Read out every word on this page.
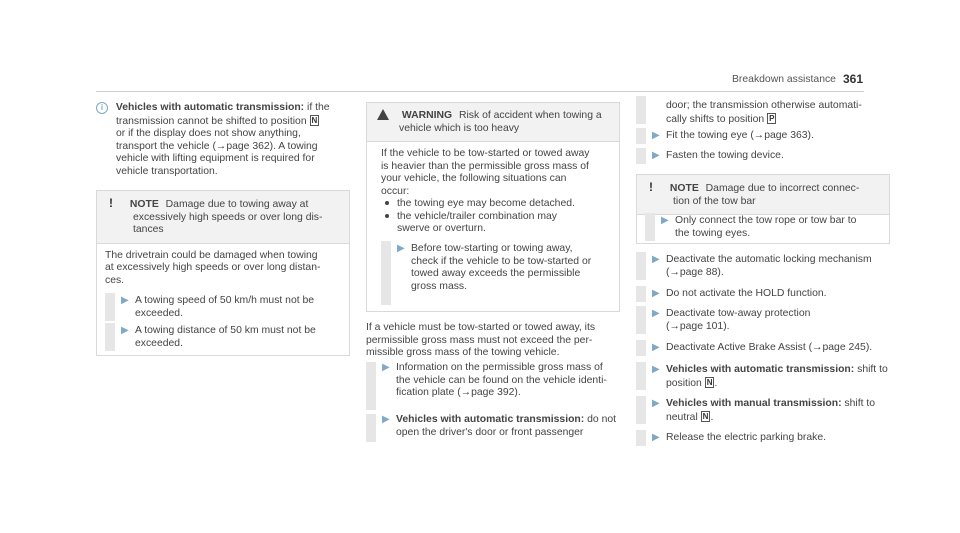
Breakdown assistance 361
i Vehicles with automatic transmission: if the
transmission cannot be shifted to position N
or if the display does not show anything,
transport the vehicle (→page 362). A towing
vehicle with lifting equipment is required for
vehicle transportation.
! NOTE Damage due to towing away at
excessively high speeds or over long dis-
tances
The drivetrain could be damaged when towing
at excessively high speeds or over long distan-
ces.
▶ A towing speed of 50 km/h must not be
exceeded.
▶ A towing distance of 50 km must not be
exceeded.
WARNING Risk of accident when towing a
vehicle which is too heavy
If the vehicle to be tow-started or towed away
is heavier than the permissible gross mass of
your vehicle, the following situations can
occur:
the towing eye may become detached.
the vehicle/trailer combination may
swerve or overturn.
▶ Before tow-starting or towing away,
check if the vehicle to be tow-started or
towed away exceeds the permissible
gross mass.
If a vehicle must be tow-started or towed away, its
permissible gross mass must not exceed the per-
missible gross mass of the towing vehicle.
▶ Information on the permissible gross mass of
the vehicle can be found on the vehicle identi-
fication plate (→page 392).
▶ Vehicles with automatic transmission: do not
open the driver's door or front passenger
door; the transmission otherwise automati-
cally shifts to position P
▶ Fit the towing eye (→page 363).
▶ Fasten the towing device.
! NOTE Damage due to incorrect connec-
tion of the tow bar
▶ Only connect the tow rope or tow bar to
the towing eyes.
▶ Deactivate the automatic locking mechanism
(→page 88).
▶ Do not activate the HOLD function.
▶ Deactivate tow-away protection
(→page 101).
▶ Deactivate Active Brake Assist (→page 245).
▶ Vehicles with automatic transmission: shift to
position N .
▶ Vehicles with manual transmission: shift to
neutral N .
▶ Release the electric parking brake.
